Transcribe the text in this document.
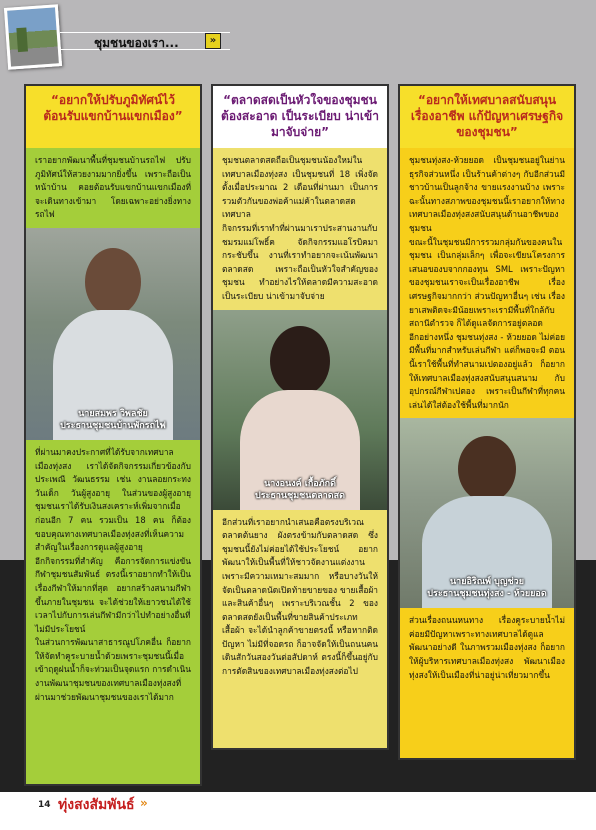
ชุมชนของเรา...	»
“อยากให้ปรับภูมิทัศน์ไว้ต้อนรับแขกบ้านแขกเมือง”
เราอยากพัฒนาพื้นที่ชุมชนบ้านรถไฟ ปรับภูมิทัศน์ให้สวยงามมากยิ่งขึ้น เพราะถือเป็นหน้าบ้าน คอยต้อนรับแขกบ้านแขกเมืองที่จะเดินทางเข้ามา โดยเฉพาะอย่างยิ่งทางรถไฟ
นายสมพร วิพลชัย
ประธานชุมชนบ้านพักรถไฟ
ที่ผ่านมาคงประกาศที่ได้รับจากเทศบาลเมืองทุ่งสง เราได้จัดกิจกรรมเกี่ยวข้องกับประเพณี วัฒนธรรม เช่น งานลอยกระทง วันเด็ก วันผู้สูงอายุ ในส่วนของผู้สูงอายุชุมชนเราได้รับเงินสงเคราะห์เพิ่มจากเมื่อก่อนอีก 7 คน รวมเป็น 18 คน ก็ต้องขอบคุณทางเทศบาลเมืองทุ่งสงที่เห็นความสำคัญในเรื่องการดูแลผู้สูงอายุ
อีกกิจกรรมที่สำคัญ คือการจัดการแข่งขันกีฬาชุมชนสัมพันธ์ ตรงนี้เราอยากทำให้เป็นเรื่องกีฬาให้มากที่สุด อยากสร้างสนามกีฬาขึ้นภายในชุมชน จะได้ช่วยให้เยาวชนได้ใช้เวลาไปกับการเล่นกีฬามีกว่าไปทำอย่างอื่นที่ไม่มีประโยชน์
ในส่วนการพัฒนาสาธารณูปโภคอื่น ก็อยากให้จัดทำคูระบายน้ำด้วยเพราะชุมชนนี้เมื่อเข้าฤดูฝนน้ำก็จะท่วมเป็นจุดแรก การดำเนินงานพัฒนาชุมชนของเทศบาลเมืองทุ่งสงที่ผ่านมาช่วยพัฒนาชุมชนของเราได้มาก
“ตลาดสดเป็นหัวใจของชุมชน ต้องสะอาด เป็นระเบียบ น่าเข้ามาจับจ่าย”
ชุมชนตลาดสดถือเป็นชุมชนน้องใหม่ในเทศบาลเมืองทุ่งสง เป็นชุมชนที่ 18 เพิ่งจัดตั้งเมื่อประมาณ 2 เดือนที่ผ่านมา เป็นการรวมตัวกันของพ่อค้าแม่ค้าในตลาดสดเทศบาล
กิจกรรมที่เราทำที่ผ่านมาเราประสานงานกับชมรมแม่โพธิ์ค จัดกิจกรรมแอโรบิคมากระชับขึ้น งานที่เราทำอยากจะเน้นพัฒนาตลาดสด เพราะถือเป็นหัวใจสำคัญของชุมชน ทำอย่างไรให้ตลาดมีความสะอาด เป็นระเบียบ น่าเข้ามาจับจ่าย
นางอนงค์ เกื้อภักดิ์
ประธานชุมชนตลาดสด
อีกส่วนที่เราอยากนำเสนอคือตรงบริเวณตลาดต้นยาง ผังตรงข้ามกับตลาดสด ซึ่งชุมชนนี้ยังไม่ค่อยได้ใช้ประโยชน์ อยากพัฒนาให้เป็นพื้นที่ให้ชาวจัดงานแต่งงาน เพราะมีความเหมาะสมมาก หรือบางวันให้จัดเป็นตลาดนัดเปิดท้ายขายของ ขายเสื้อผ้า และสินค้าอื่นๆ เพราะบริเวณชั้น 2 ของตลาดสดยังเป็นพื้นที่ขายสินค้าประเภทเสื้อผ้า จะได้นำลูกค้าขายตรงนี้ หรือหากติดปัญหา ไม่มีที่จอดรถ ก็อาจจัดให้เป็นถนนคนเดินสักวันสองวันต่อสัปดาห์ ตรงนี้ก็ขึ้นอยู่กับการตัดสินของเทศบาลเมืองทุ่งสงต่อไป
“อยากให้เทศบาลสนับสนุนเรื่องอาชีพ แก้ปัญหาเศรษฐกิจของชุมชน”
ชุมชนทุ่งสง-ห้วยยอด เป็นชุมชนอยู่ในย่านธุรกิจส่วนหนึ่ง เป็นร้านค้าต่างๆ กับอีกส่วนมีชาวบ้านเป็นลูกจ้าง ขายแรงงานบ้าง เพราะฉะนั้นทางสภาพของชุมชนนี้เราอยากให้ทางเทศบาลเมืองทุ่งสงสนับสนุนด้านอาชีพของชุมชน
ขณะนี้ในชุมชนมีการรวมกลุ่มกันของคนในชุมชน เป็นกลุ่มเล็กๆ เพื่อจะเขียนโครงการ เสนอของบจากกองทุน SML เพราะปัญหาของชุมชนเราจะเป็นเรื่องอาชีพ เรื่องเศรษฐกิจมากกว่า ส่วนปัญหาอื่นๆ เช่น เรื่องยาเสพติดจะมีน้อยเพราะเรามีพื้นที่ใกล้กับสถานีตำรวจ ก็ได้ดูแลจัดการอยู่ตลอด
อีกอย่างหนึ่ง ชุมชนทุ่งสง - ห้วยยอด ไม่ค่อยมีพื้นที่มากสำหรับเล่นกีฬา แต่ก็พอจะมี ตอนนี้เราใช้พื้นที่ทำสนามเปตองอยู่แล้ว ก็อยากให้เทศบาลเมืองทุ่งสงสนับสนุนสนาม กับอุปกรณ์กีฬาเปตอง เพราะเป็นกีฬาที่ทุกคนเล่นได้ใส่ต้องใช้พื้นที่มากนัก
นายอิริณพ์ บุญช่วย
ประธานชุมชนทุ่งสง - ห้วยยอด
ส่วนเรื่องถนนหนทาง เรื่องคูระบายน้ำไม่ค่อยมีปัญหาเพราะทางเทศบาลได้ดูแล พัฒนาอย่างดี ในภาพรวมเมืองทุ่งสง ก็อยากให้ผู้บริหารเทศบาลเมืองทุ่งสง พัฒนาเมืองทุ่งสงให้เป็นเมืองที่น่าอยู่น่าเที่ยวมากขึ้น
14 ทุ่งสงสัมพันธ์ »
